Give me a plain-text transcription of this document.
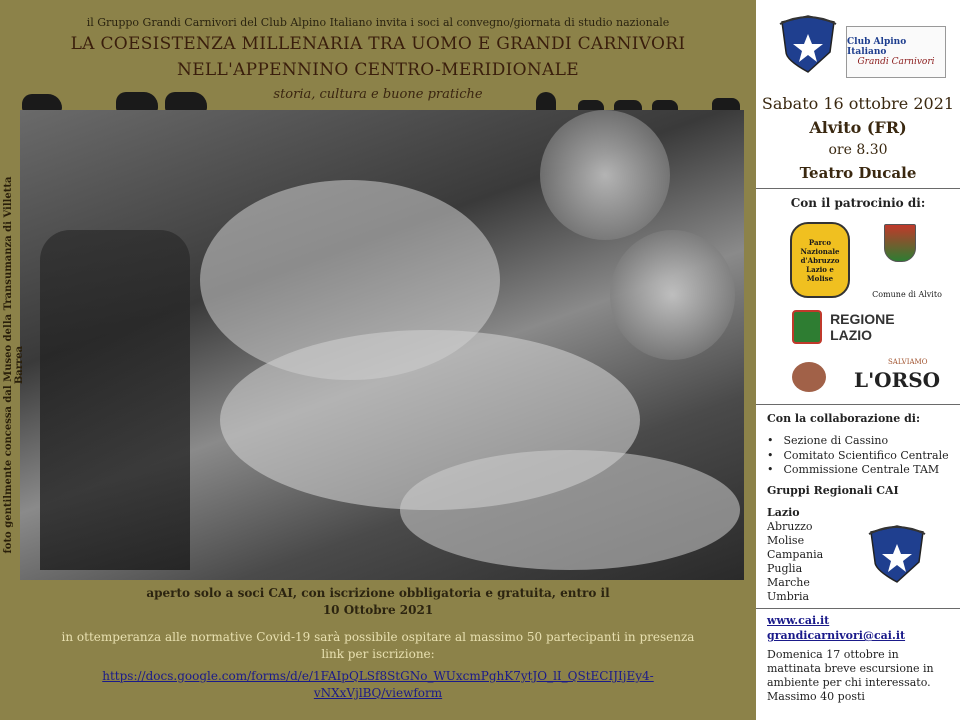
il Gruppo Grandi Carnivori del Club Alpino Italiano invita i soci al convegno/giornata di studio nazionale
LA COESISTENZA MILLENARIA TRA UOMO E GRANDI CARNIVORI
NELL'APPENNINO CENTRO-MERIDIONALE
storia, cultura e buone pratiche
foto gentilmente concessa dal Museo della Transumanza di Villetta Barrea
aperto solo a soci CAI, con iscrizione obbligatoria e gratuita, entro il
10 Ottobre 2021
in ottemperanza alle normative Covid-19 sarà possibile ospitare al massimo 50 partecipanti in presenza
link per iscrizione:
https://docs.google.com/forms/d/e/1FAIpQLSf8StGNo_WUxcmPghK7ytJO_lI_QStECIJIjEy4-
vNXxVjlBQ/viewform
Club Alpino Italiano
Grandi Carnivori
Sabato 16 ottobre 2021
Alvito (FR)
ore 8.30
Teatro Ducale
Con il patrocinio di:
Parco Nazionale d'Abruzzo Lazio e Molise
Comune di Alvito
REGIONE LAZIO
SALVIAMO
L'ORSO
Con la collaborazione di:
• Sezione di Cassino
• Comitato Scientifico Centrale
• Commissione Centrale TAM
Gruppi Regionali CAI
Lazio
Abruzzo
Molise
Campania
Puglia
Marche
Umbria
www.cai.it
grandicarnivori@cai.it
Domenica 17 ottobre in mattinata breve escursione in ambiente per chi interessato. Massimo 40 posti
